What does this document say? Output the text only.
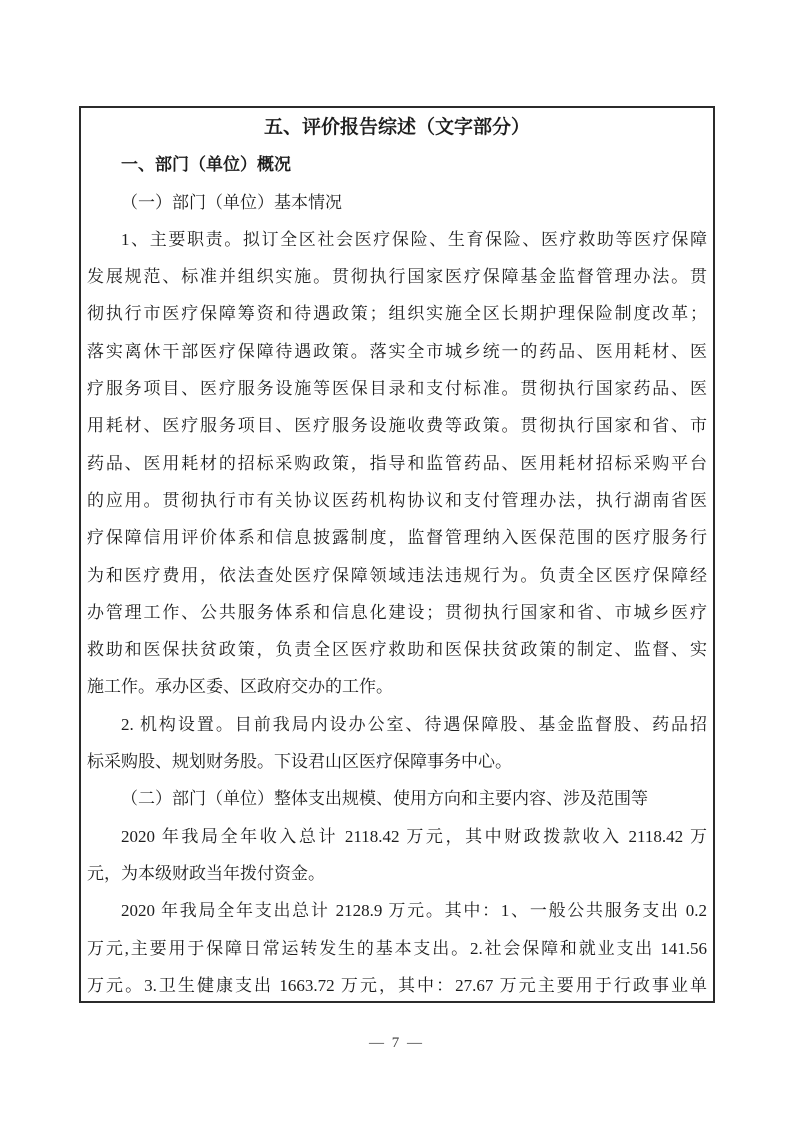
五、评价报告综述（文字部分）
一、部门（单位）概况
（一）部门（单位）基本情况
1、主要职责。拟订全区社会医疗保险、生育保险、医疗救助等医疗保障
发展规范、标准并组织实施。贯彻执行国家医疗保障基金监督管理办法。贯
彻执行市医疗保障筹资和待遇政策；组织实施全区长期护理保险制度改革；
落实离休干部医疗保障待遇政策。落实全市城乡统一的药品、医用耗材、医
疗服务项目、医疗服务设施等医保目录和支付标准。贯彻执行国家药品、医
用耗材、医疗服务项目、医疗服务设施收费等政策。贯彻执行国家和省、市
药品、医用耗材的招标采购政策，指导和监管药品、医用耗材招标采购平台
的应用。贯彻执行市有关协议医药机构协议和支付管理办法，执行湖南省医
疗保障信用评价体系和信息披露制度，监督管理纳入医保范围的医疗服务行
为和医疗费用，依法查处医疗保障领域违法违规行为。负责全区医疗保障经
办管理工作、公共服务体系和信息化建设；贯彻执行国家和省、市城乡医疗
救助和医保扶贫政策，负责全区医疗救助和医保扶贫政策的制定、监督、实
施工作。承办区委、区政府交办的工作。
2. 机构设置。目前我局内设办公室、待遇保障股、基金监督股、药品招
标采购股、规划财务股。下设君山区医疗保障事务中心。
（二）部门（单位）整体支出规模、使用方向和主要内容、涉及范围等
2020 年我局全年收入总计 2118.42 万元，其中财政拨款收入 2118.42 万
元，为本级财政当年拨付资金。
2020 年我局全年支出总计 2128.9 万元。其中：1、一般公共服务支出 0.2
万元,主要用于保障日常运转发生的基本支出。2.社会保障和就业支出 141.56
万元。3.卫生健康支出 1663.72 万元，其中：27.67 万元主要用于行政事业单
— 7 —
